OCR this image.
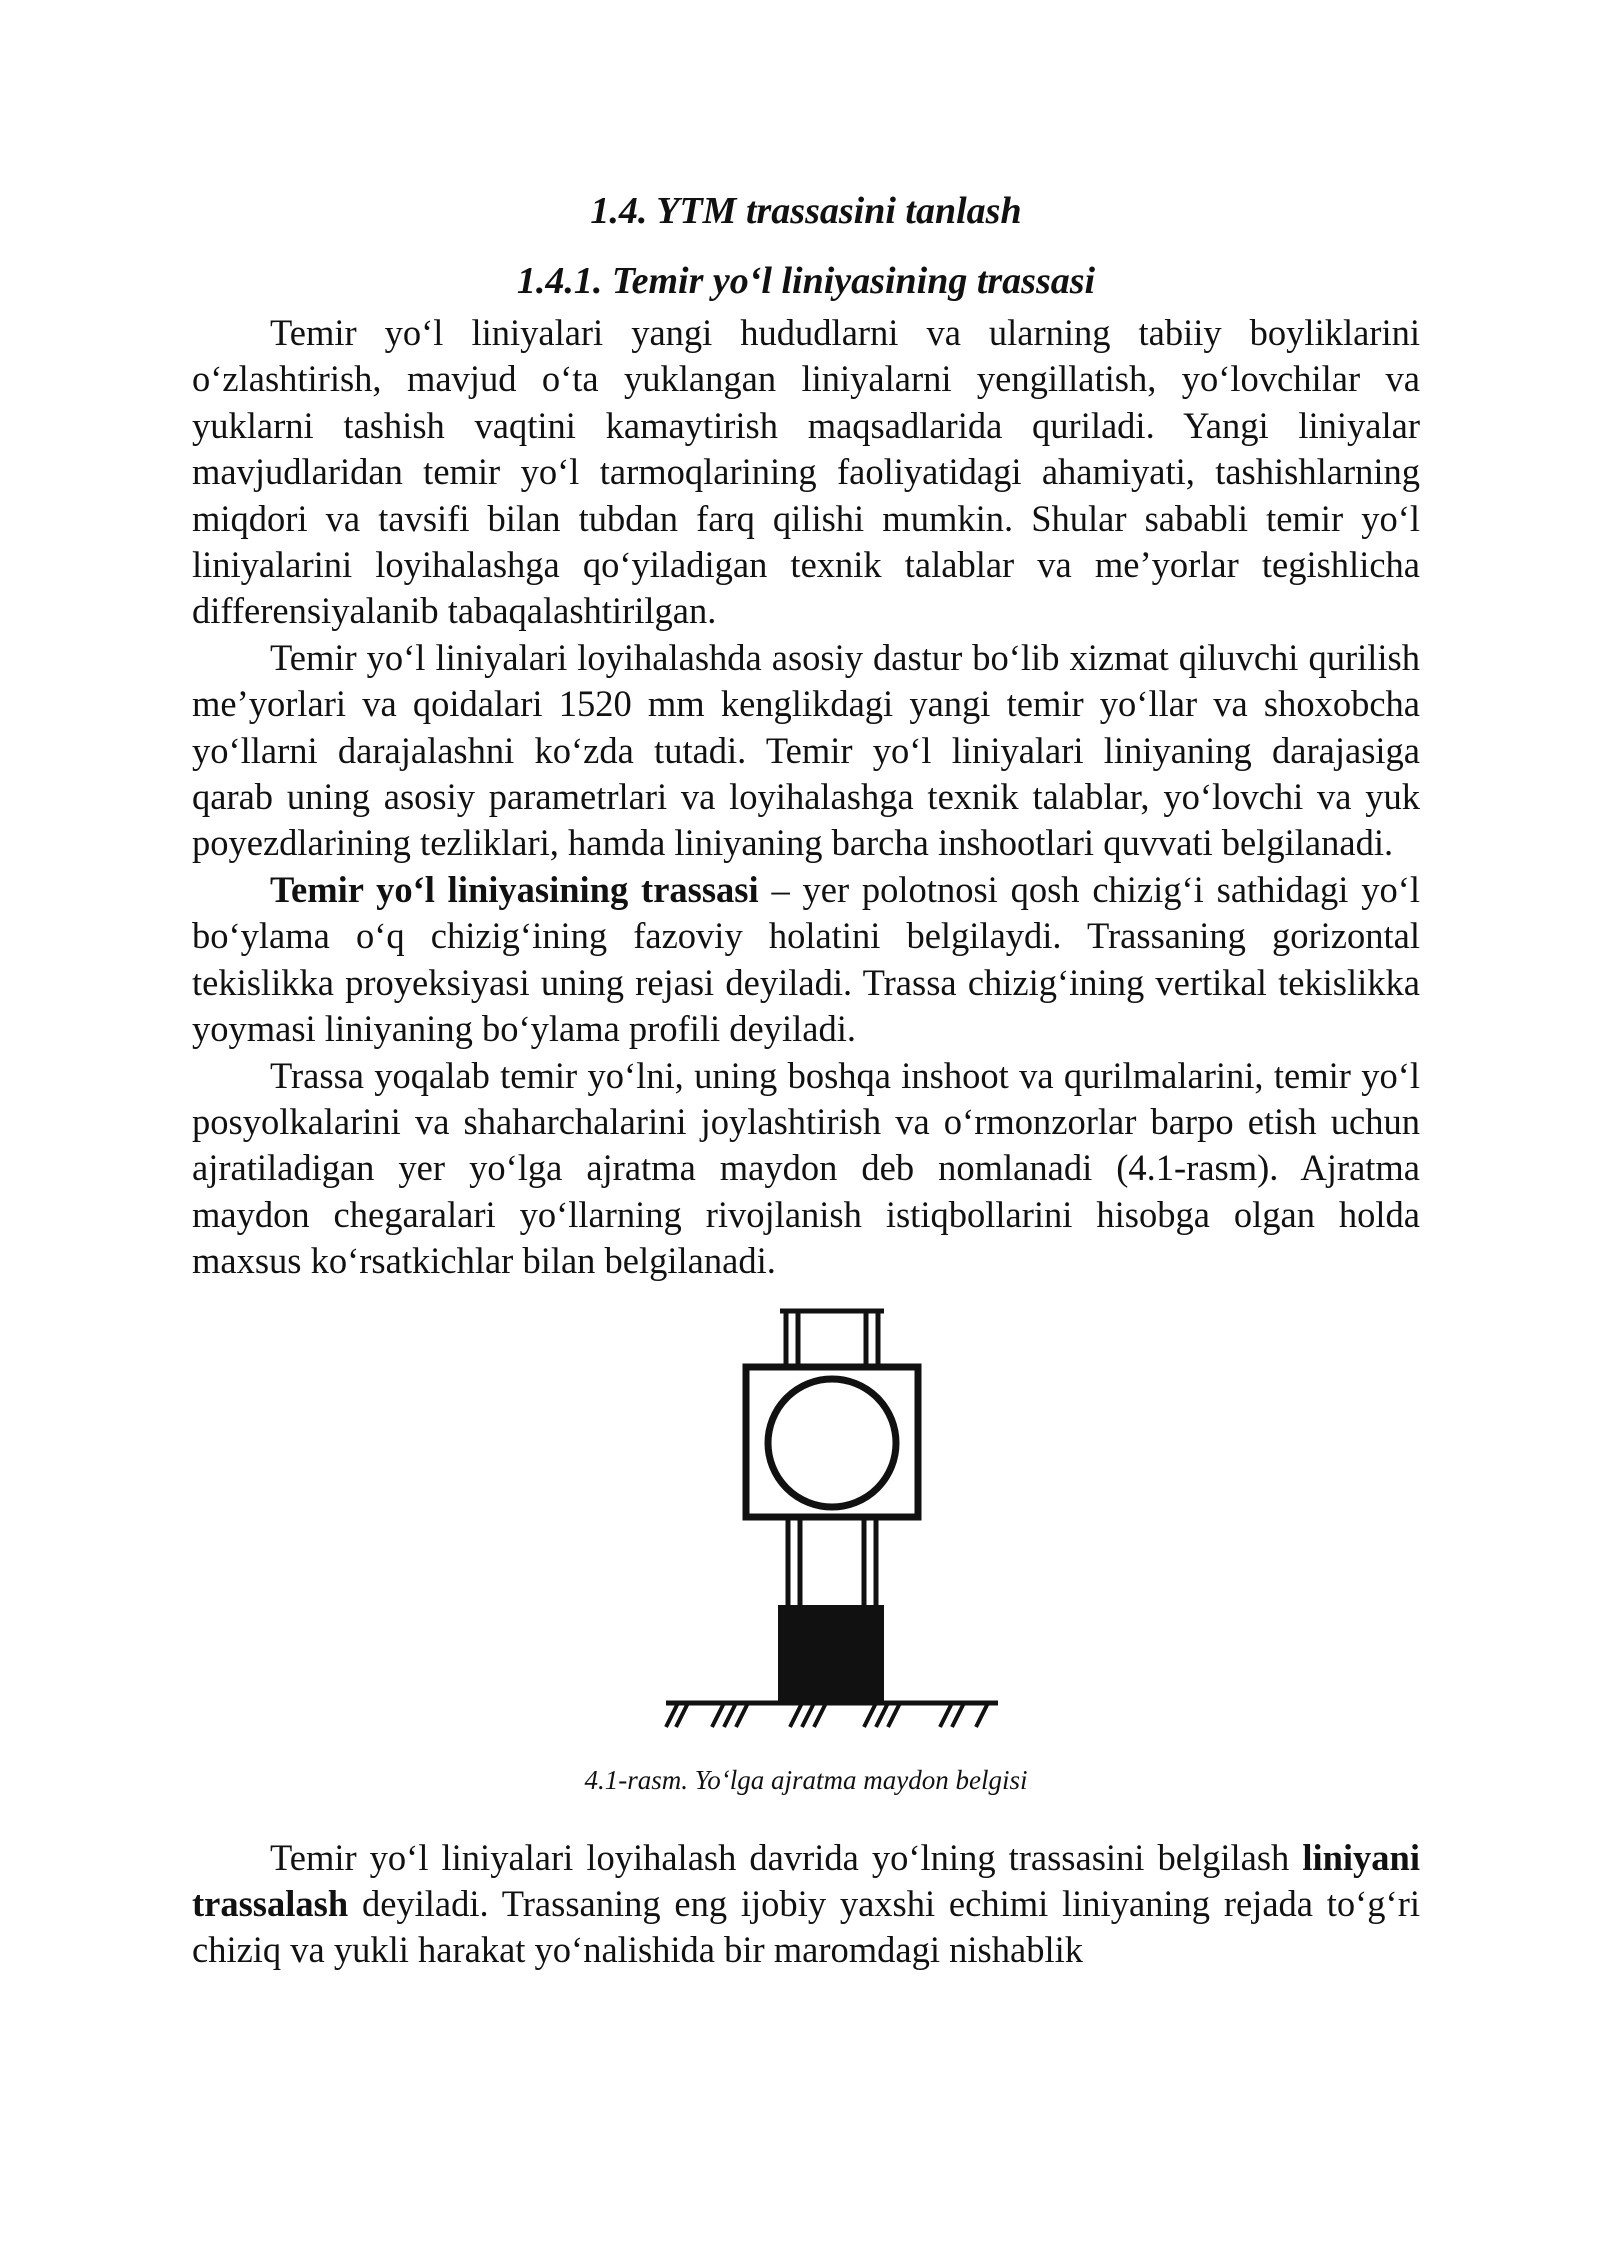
1.4. YTM trassasini tanlash
1.4.1. Temir yo‘l liniyasining trassasi

Temir yo‘l liniyalari yangi hududlarni va ularning tabiiy boyliklarini o‘zlashtirish, mavjud o‘ta yuklangan liniyalarni yengillatish, yo‘lovchilar va yuklarni tashish vaqtini kamaytirish maqsadlarida quriladi. Yangi liniyalar mavjudlaridan temir yo‘l tarmoqlarining faoliyatidagi ahamiyati, tashishlarning miqdori va tavsifi bilan tubdan farq qilishi mumkin. Shular sababli temir yo‘l liniyalarini loyihalashga qo‘yiladigan texnik talablar va me’yorlar tegishlicha differensiyalanib tabaqalashtirilgan.

Temir yo‘l liniyalari loyihalashda asosiy dastur bo‘lib xizmat qiluvchi qurilish me’yorlari va qoidalari 1520 mm kenglikdagi yangi temir yo‘llar va shoxobcha yo‘llarni darajalashni ko‘zda tutadi. Temir yo‘l liniyalari liniyaning darajasiga qarab uning asosiy parametrlari va loyihalashga texnik talablar, yo‘lovchi va yuk poyezdlarining tezliklari, hamda liniyaning barcha inshootlari quvvati belgilanadi.

Temir yo‘l liniyasining trassasi – yer polotnosi qosh chizig‘i sathidagi yo‘l bo‘ylama o‘q chizig‘ining fazoviy holatini belgilaydi. Trassaning gorizontal tekislikka proyeksiyasi uning rejasi deyiladi. Trassa chizig‘ining vertikal tekislikka yoymasi liniyaning bo‘ylama profili deyiladi.

Trassa yoqalab temir yo‘lni, uning boshqa inshoot va qurilmalarini, temir yo‘l posyolkalarini va shaharchalarini joylashtirish va o‘rmonzorlar barpo etish uchun ajratiladigan yer yo‘lga ajratma maydon deb nomlanadi (4.1-rasm). Ajratma maydon chegaralari yo‘llarning rivojlanish istiqbollarini hisobga olgan holda maxsus ko‘rsatkichlar bilan belgilanadi.

4.1-rasm. Yo‘lga ajratma maydon belgisi

Temir yo‘l liniyalari loyihalash davrida yo‘lning trassasini belgilash liniyani trassalash deyiladi. Trassaning eng ijobiy yaxshi echimi liniyaning rejada to‘g‘ri chiziq va yukli harakat yo‘nalishida bir maromdagi nishablik
